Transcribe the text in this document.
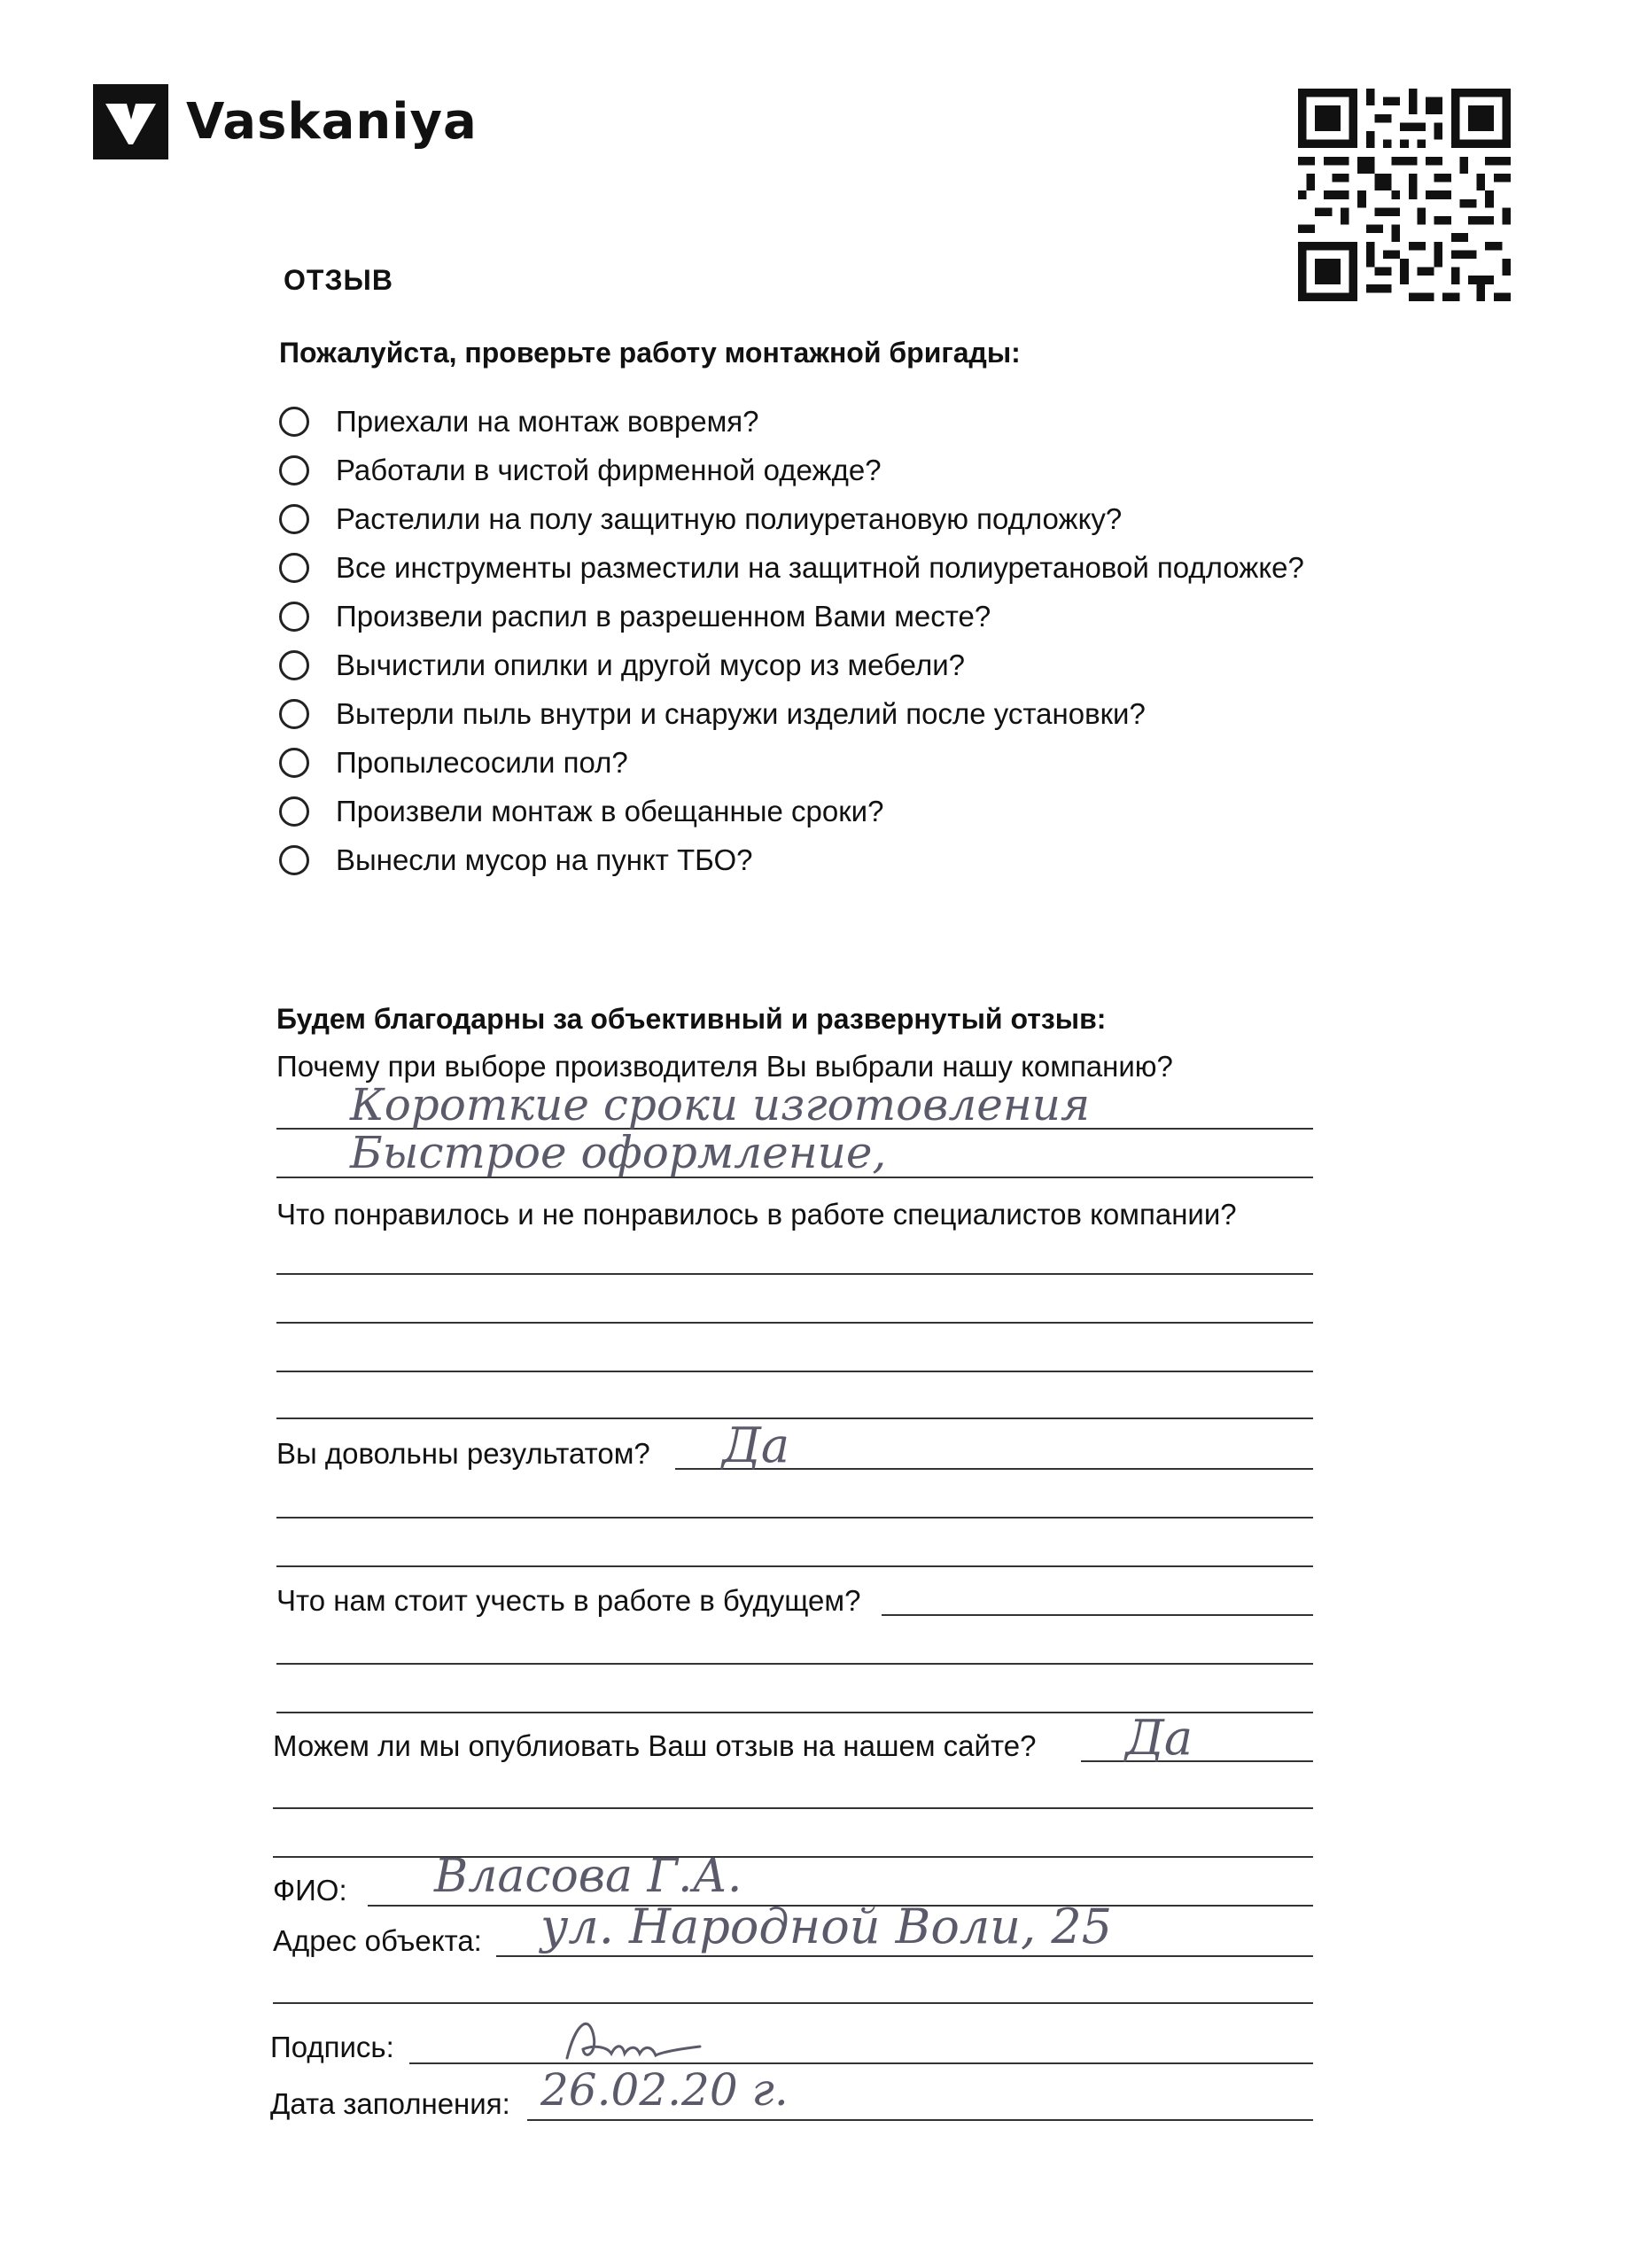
Vaskaniya
ОТЗЫВ
Пожалуйста, проверьте работу монтажной бригады:
Приехали на монтаж вовремя?
Работали в чистой фирменной одежде?
Растелили на полу защитную полиуретановую подложку?
Все инструменты разместили на защитной полиуретановой подложке?
Произвели распил в разрешенном Вами месте?
Вычистили опилки и другой мусор из мебели?
Вытерли пыль внутри и снаружи изделий после установки?
Пропылесосили пол?
Произвели монтаж в обещанные сроки?
Вынесли мусор на пункт ТБО?
Будем благодарны за объективный и развернутый отзыв:
Почему при выборе производителя Вы выбрали нашу компанию?
Короткие сроки изготовления
Быстрое оформление,
Что понравилось и не понравилось в работе специалистов компании?
Вы довольны результатом? Да
Что нам стоит учесть в работе в будущем?
Можем ли мы опублиовать Ваш отзыв на нашем сайте? Да
ФИО: Власова Г.А.
Адрес объекта: ул. Народной Воли, 25
Подпись:
Дата заполнения: 26.02.20 г.
